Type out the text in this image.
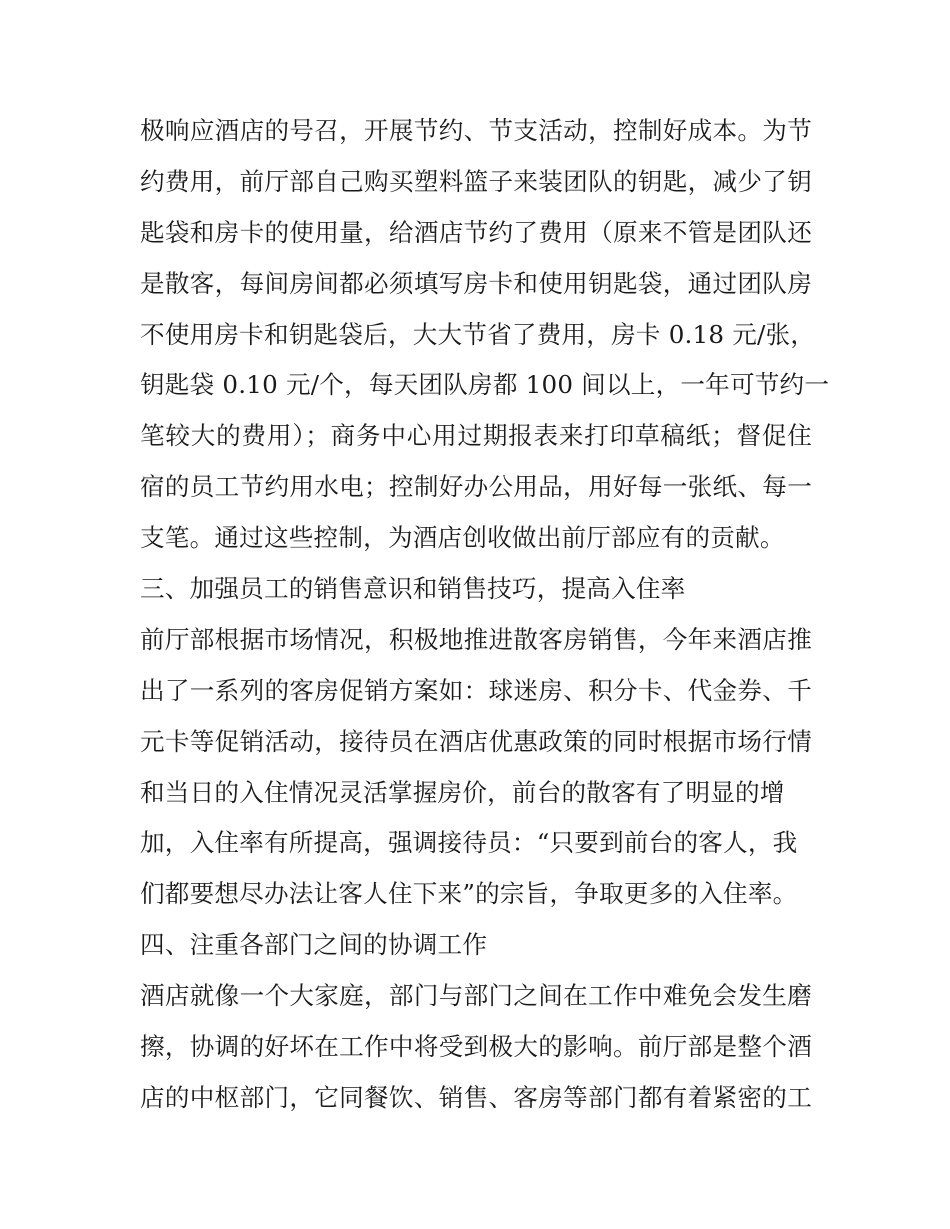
极响应酒店的号召，开展节约、节支活动，控制好成本。为节
约费用，前厅部自己购买塑料篮子来装团队的钥匙，减少了钥
匙袋和房卡的使用量，给酒店节约了费用（原来不管是团队还
是散客，每间房间都必须填写房卡和使用钥匙袋，通过团队房
不使用房卡和钥匙袋后，大大节省了费用，房卡 0.18 元/张，
钥匙袋 0.10 元/个，每天团队房都 100 间以上，一年可节约一
笔较大的费用）；商务中心用过期报表来打印草稿纸；督促住
宿的员工节约用水电；控制好办公用品，用好每一张纸、每一
支笔。通过这些控制，为酒店创收做出前厅部应有的贡献。
三、加强员工的销售意识和销售技巧，提高入住率
前厅部根据市场情况，积极地推进散客房销售，今年来酒店推
出了一系列的客房促销方案如：球迷房、积分卡、代金券、千
元卡等促销活动，接待员在酒店优惠政策的同时根据市场行情
和当日的入住情况灵活掌握房价，前台的散客有了明显的增
加，入住率有所提高，强调接待员：“只要到前台的客人，我
们都要想尽办法让客人住下来”的宗旨，争取更多的入住率。
四、注重各部门之间的协调工作
酒店就像一个大家庭，部门与部门之间在工作中难免会发生磨
擦，协调的好坏在工作中将受到极大的影响。前厅部是整个酒
店的中枢部门，它同餐饮、销售、客房等部门都有着紧密的工
